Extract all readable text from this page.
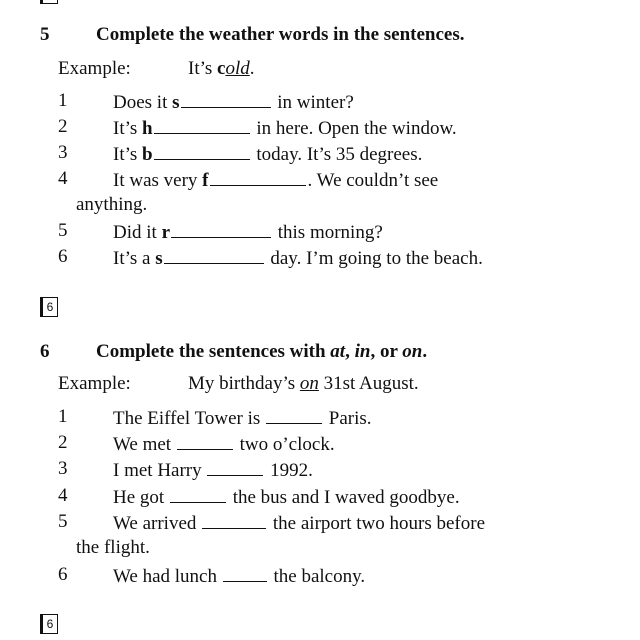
5 Complete the weather words in the sentences.
Example:	It’s cold.
1 Does it s	in winter?
2 It’s h	in here. Open the window.
3 It’s b	today. It’s 35 degrees.
4 It was very f	. We couldn’t see
anything.
5 Did it r	this morning?
6 It’s a s	day. I’m going to the beach.
6
6 Complete the sentences with at, in, or on.
Example:	My birthday’s on 31st August.
1 The Eiffel Tower is	Paris.
2 We met	two o’clock.
3 I met Harry	1992.
4 He got	the bus and I waved goodbye.
5 We arrived	the airport two hours before
the flight.
6 We had lunch  the balcony.
6
